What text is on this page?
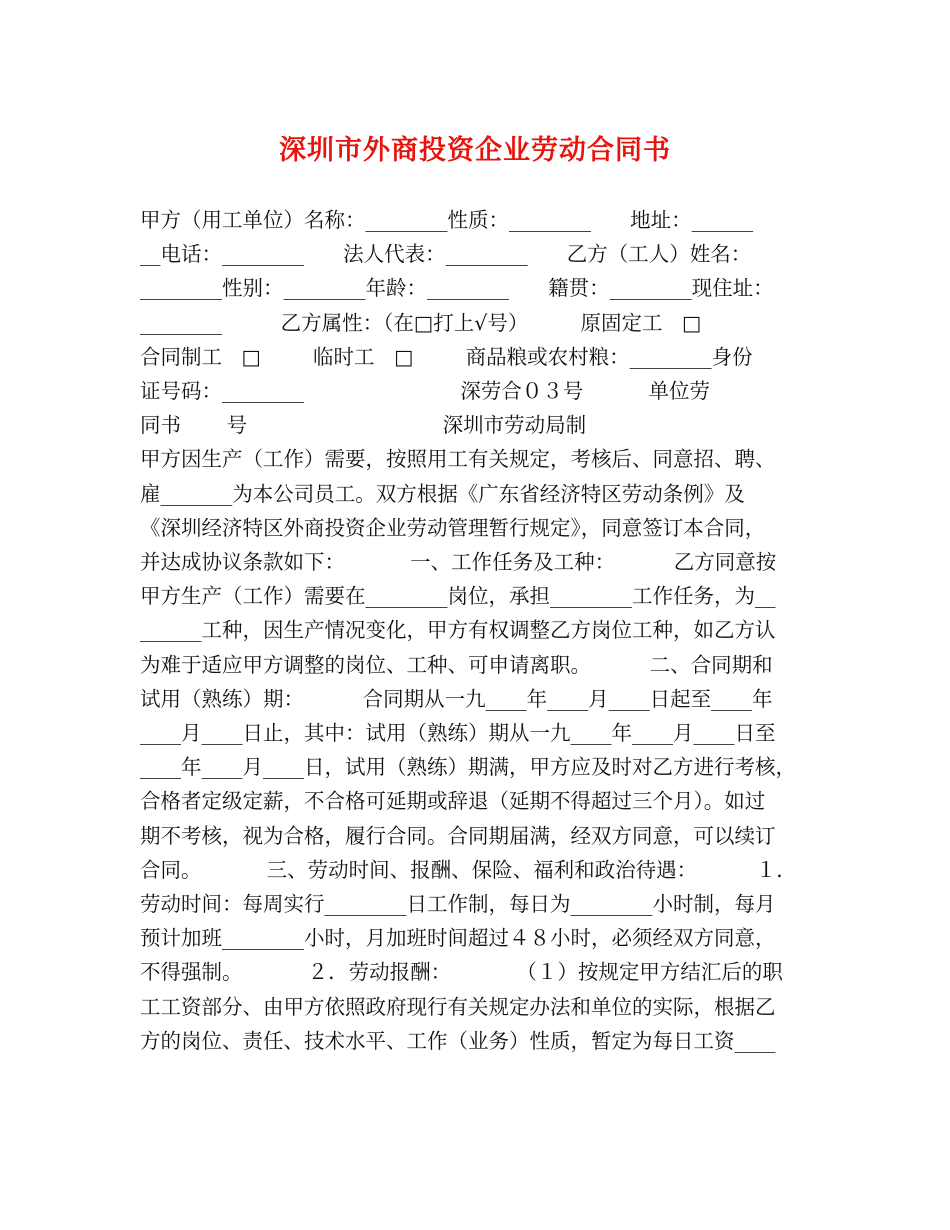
深圳市外商投资企业劳动合同书
甲方（用工单位）名称：________性质：________      地址：______
__电话：________      法人代表：________      乙方（工人）姓名：
________性别：________年龄：________      籍贯：________现住址：
________         乙方属性：（在□打上√号）        原固定工   □
合同制工   □        临时工   □        商品粮或农村粮：________身份
证号码：________                        深劳合０３号          单位劳
同书       号                              深圳市劳动局制
甲方因生产（工作）需要，按照用工有关规定，考核后、同意招、聘、
雇_______为本公司员工。双方根据《广东省经济特区劳动条例》及
《深圳经济特区外商投资企业劳动管理暂行规定》，同意签订本合同，
并达成协议条款如下：          一、工作任务及工种：         乙方同意按
甲方生产（工作）需要在________岗位，承担________工作任务，为__
______工种，因生产情况变化，甲方有权调整乙方岗位工种，如乙方认
为难于适应甲方调整的岗位、工种、可申请离职。         二、合同期和
试用（熟练）期：         合同期从一九____年____月____日起至____年
____月____日止，其中：试用（熟练）期从一九____年____月____日至
____年____月____日，试用（熟练）期满，甲方应及时对乙方进行考核，
合格者定级定薪，不合格可延期或辞退（延期不得超过三个月）。如过
期不考核，视为合格，履行合同。合同期届满，经双方同意，可以续订
合同。          三、劳动时间、报酬、保险、福利和政治待遇：         １．
劳动时间：每周实行________日工作制，每日为________小时制，每月
预计加班________小时，月加班时间超过４８小时，必须经双方同意，
不得强制。          ２．劳动报酬：          （１）按规定甲方结汇后的职
工工资部分、由甲方依照政府现行有关规定办法和单位的实际，根据乙
方的岗位、责任、技术水平、工作（业务）性质，暂定为每日工资____
